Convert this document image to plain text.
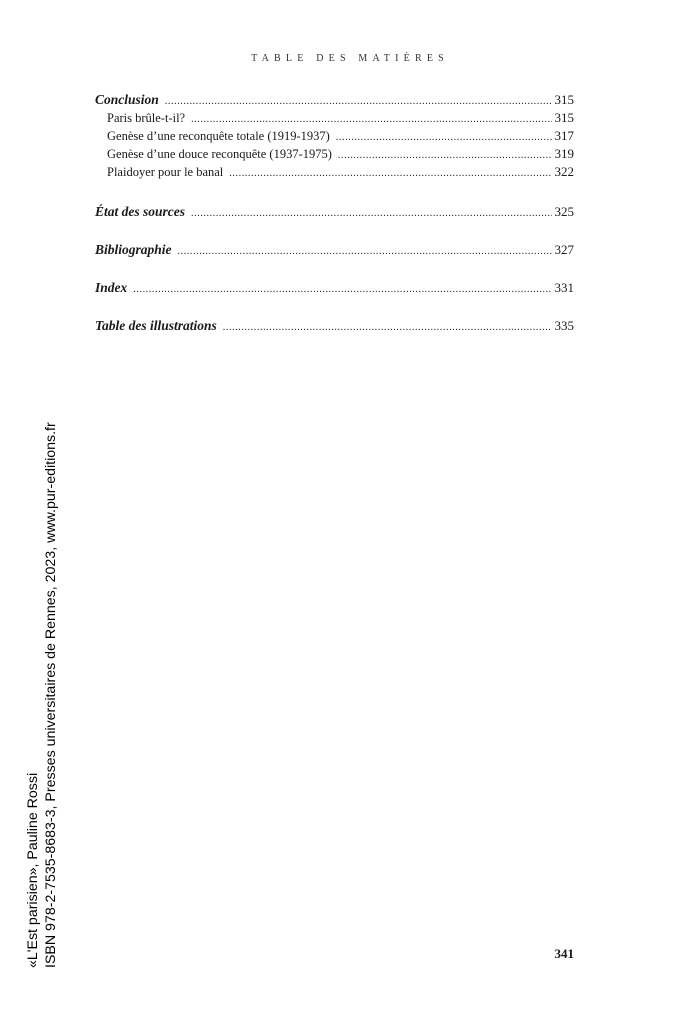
TABLE DES MATIÈRES
Conclusion .....	315
Paris brûle-t-il? .....	315
Genèse d’une reconquête totale (1919-1937) .....	317
Genèse d’une douce reconquête (1937-1975) .....	319
Plaidoyer pour le banal .....	322
État des sources .....	325
Bibliographie .....	327
Index .....	331
Table des illustrations .....	335
«L'Est parisien», Pauline Rossi ISBN 978-2-7535-8683-3, Presses universitaires de Rennes, 2023, www.pur-editions.fr	341
